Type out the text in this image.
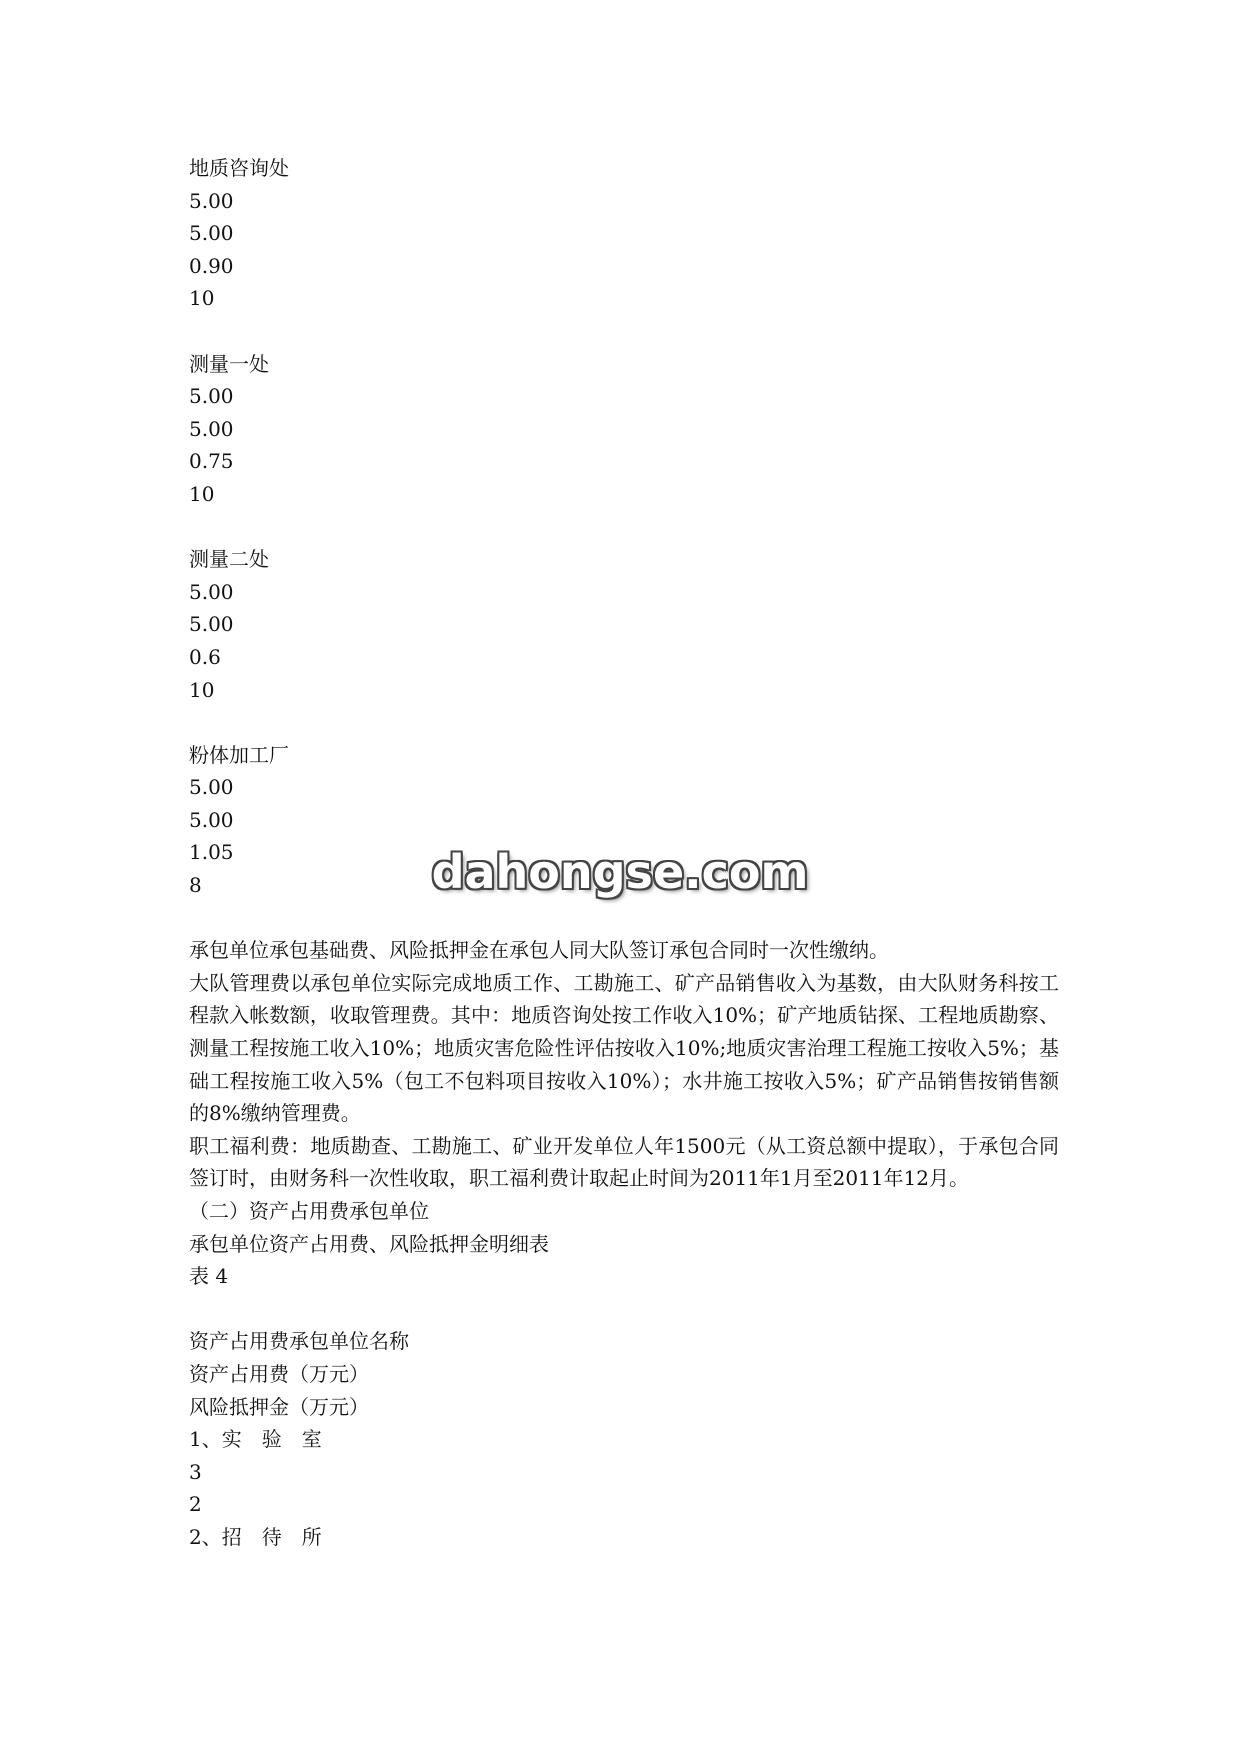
地质咨询处
5.00
5.00
0.90
10
测量一处
5.00
5.00
0.75
10
测量二处
5.00
5.00
0.6
10
粉体加工厂
5.00
5.00
1.05
8
承包单位承包基础费、风险抵押金在承包人同大队签订承包合同时一次性缴纳。
大队管理费以承包单位实际完成地质工作、工勘施工、矿产品销售收入为基数，由大队财务科按工程款入帐数额，收取管理费。其中：地质咨询处按工作收入10%；矿产地质钻探、工程地质勘察、测量工程按施工收入10%；地质灾害危险性评估按收入10%;地质灾害治理工程施工按收入5%；基础工程按施工收入5%（包工不包料项目按收入10%）；水井施工按收入5%；矿产品销售按销售额的8%缴纳管理费。
职工福利费：地质勘查、工勘施工、矿业开发单位人年1500元（从工资总额中提取），于承包合同签订时，由财务科一次性收取，职工福利费计取起止时间为2011年1月至2011年12月。
（二）资产占用费承包单位
承包单位资产占用费、风险抵押金明细表
表 4
资产占用费承包单位名称
资产占用费（万元）
风险抵押金（万元）
1、实　验　室
3
2
2、招　待　所
dahongse.com
